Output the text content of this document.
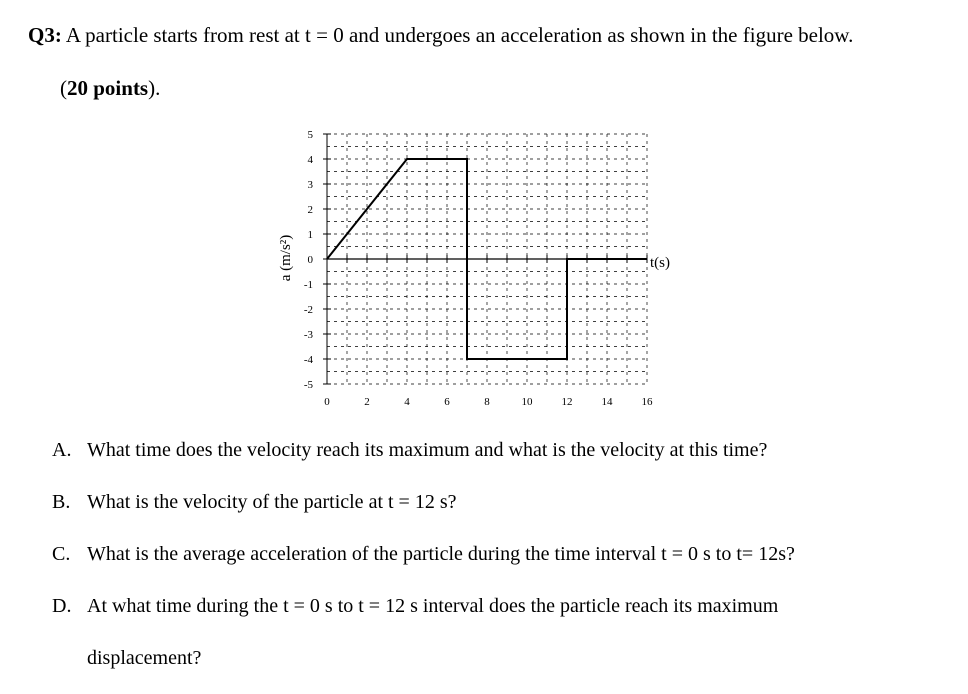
Q3: A particle starts from rest at t = 0 and undergoes an acceleration as shown in the figure below.
(20 points).
5
4
3
2
1
0
-1
-2
-3
-4
-5
0	2	4	6	8	10	12	14	16
a (m/s²)	t(s)
A. What time does the velocity reach its maximum and what is the velocity at this time?
B. What is the velocity of the particle at t = 12 s?
C. What is the average acceleration of the particle during the time interval t = 0 s to t= 12s?
D. At what time during the t = 0 s to t = 12 s interval does the particle reach its maximum
displacement?
